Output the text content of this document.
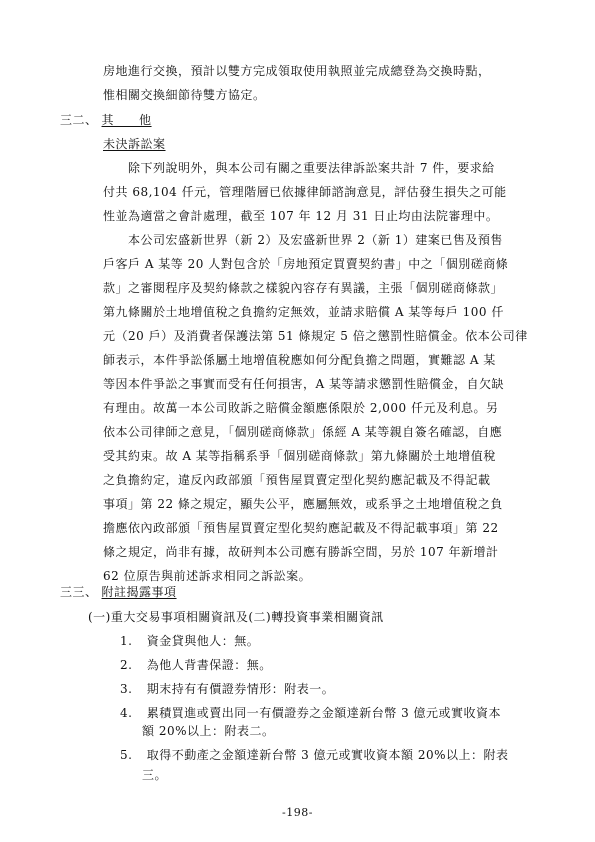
房地進行交換，預計以雙方完成領取使用執照並完成總登為交換時點，
惟相關交換細節待雙方協定。
三二、 其　　他
未決訴訟案
除下列說明外，與本公司有關之重要法律訴訟案共計 7 件，要求給
付共 68,104 仟元，管理階層已依據律師諮詢意見，評估發生損失之可能
性並為適當之會計處理，截至 107 年 12 月 31 日止均由法院審理中。
本公司宏盛新世界（新 2）及宏盛新世界 2（新 1）建案已售及預售
戶客戶 A 某等 20 人對包含於「房地預定買賣契約書」中之「個別磋商條
款」之審閱程序及契約條款之樣貌內容存有異議，主張「個別磋商條款」
第九條關於土地增值稅之負擔約定無效，並請求賠償 A 某等每戶 100 仟
元（20 戶）及消費者保護法第 51 條規定 5 倍之懲罰性賠償金。依本公司律
師表示，本件爭訟係屬土地增值稅應如何分配負擔之問題，實難認 A 某
等因本件爭訟之事實而受有任何損害，A 某等請求懲罰性賠償金，自欠缺
有理由。故萬一本公司敗訴之賠償金額應係限於 2,000 仟元及利息。另
依本公司律師之意見，「個別磋商條款」係經 A 某等親自簽名確認，自應
受其約束。故 A 某等指稱系爭「個別磋商條款」第九條關於土地增值稅
之負擔約定，違反內政部頒「預售屋買賣定型化契約應記載及不得記載
事項」第 22 條之規定，顯失公平，應屬無效，或系爭之土地增值稅之負
擔應依內政部頒「預售屋買賣定型化契約應記載及不得記載事項」第 22
條之規定，尚非有據，故研判本公司應有勝訴空間，另於 107 年新增計
62 位原告與前述訴求相同之訴訟案。
三三、 附註揭露事項
(一)重大交易事項相關資訊及(二)轉投資事業相關資訊
1. 資金貸與他人：無。
2. 為他人背書保證：無。
3. 期末持有有價證券情形：附表一。
4. 累積買進或賣出同一有價證券之金額達新台幣 3 億元或實收資本
額 20%以上：附表二。
5. 取得不動產之金額達新台幣 3 億元或實收資本額 20%以上：附表
三。
-198-
